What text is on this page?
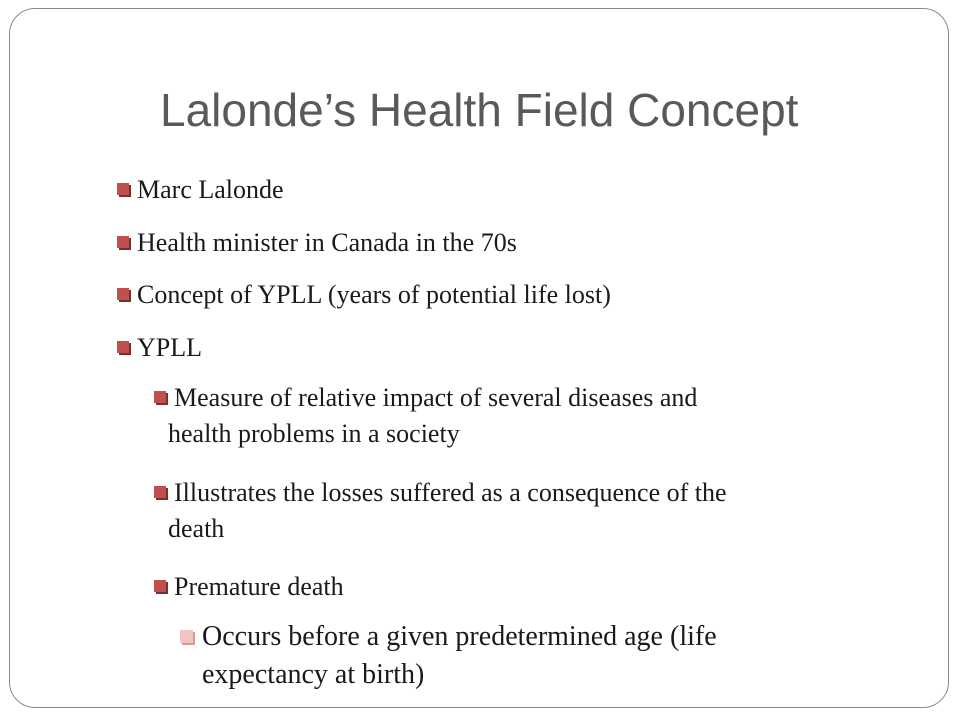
Lalonde’s Health Field Concept
Marc Lalonde
Health minister in Canada in the 70s
Concept of YPLL (years of potential life lost)
YPLL
Measure of relative impact of several diseases and
health problems in a society
Illustrates the losses suffered as a consequence of the
death
Premature death
Occurs before a given predetermined age (life
expectancy at birth)
